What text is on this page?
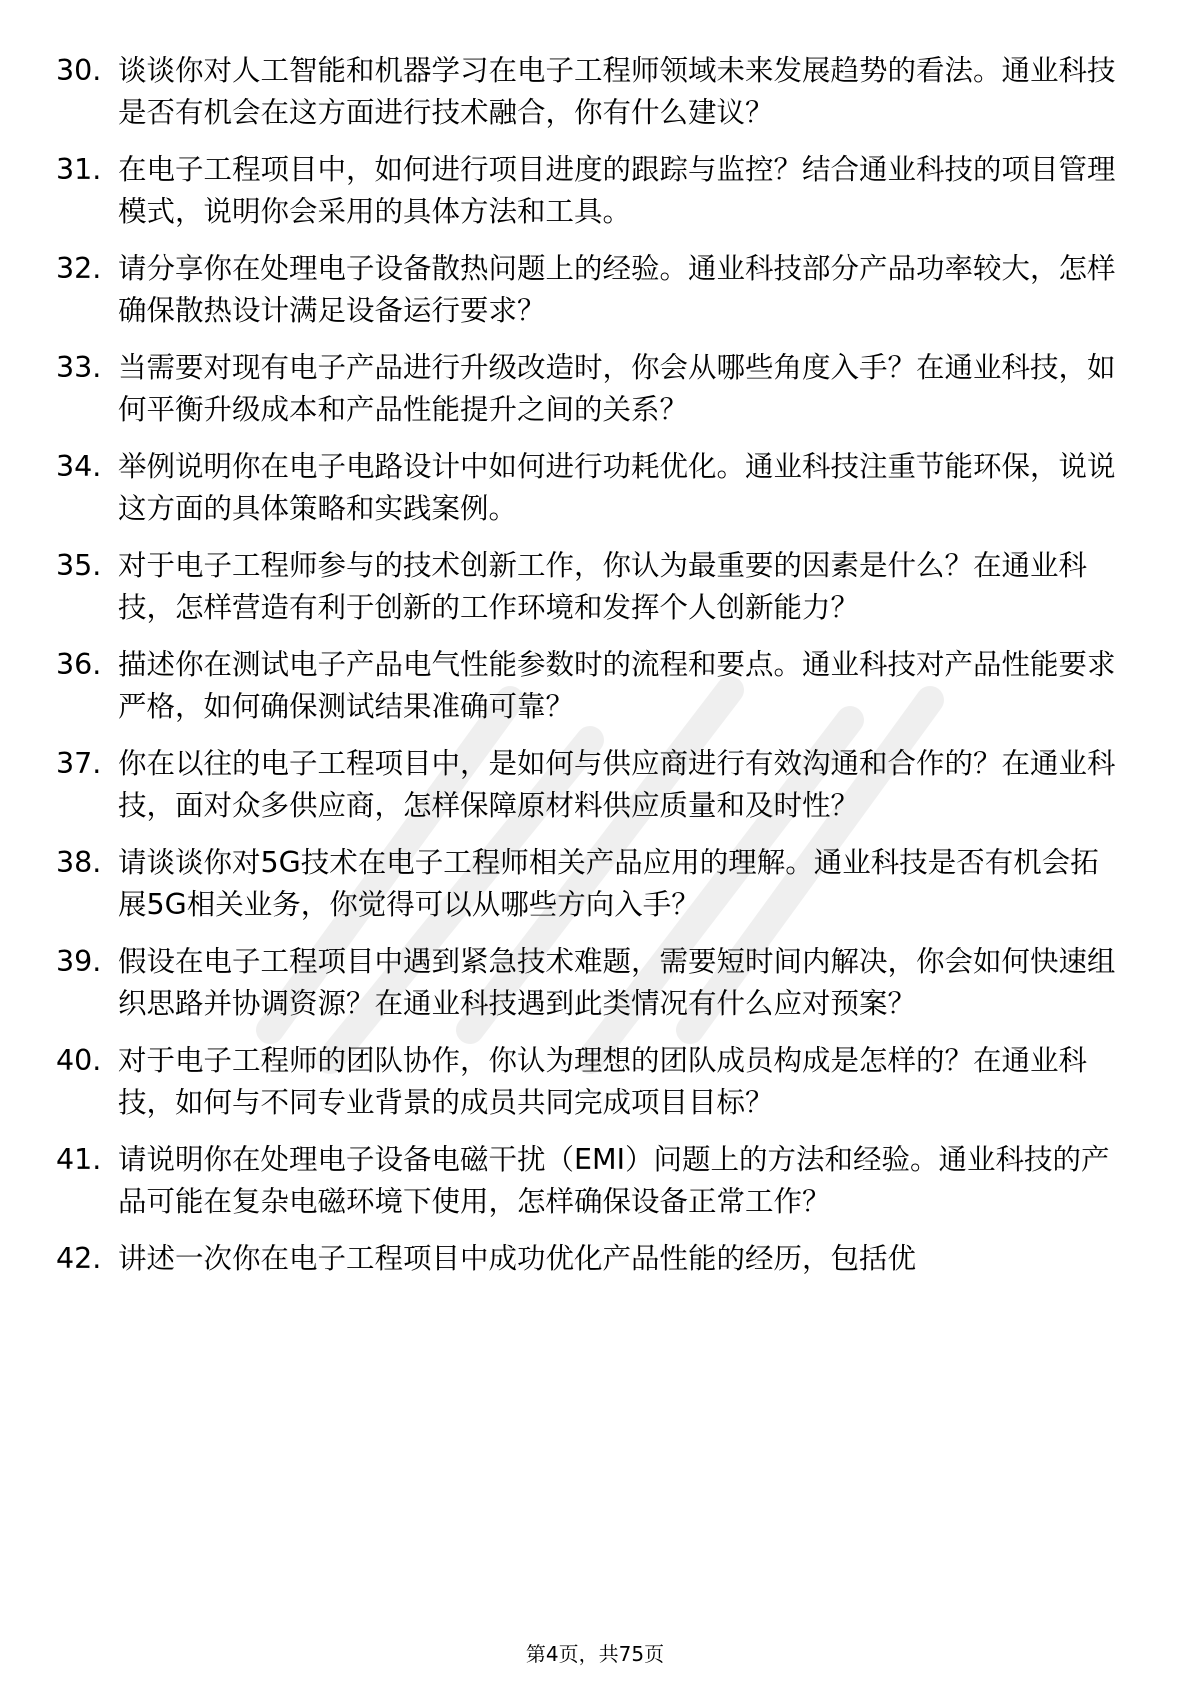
30. 谈谈你对人工智能和机器学习在电子工程师领域未来发展趋势的看法。通业科技是否有机会在这方面进行技术融合，你有什么建议？
31. 在电子工程项目中，如何进行项目进度的跟踪与监控？结合通业科技的项目管理模式，说明你会采用的具体方法和工具。
32. 请分享你在处理电子设备散热问题上的经验。通业科技部分产品功率较大，怎样确保散热设计满足设备运行要求？
33. 当需要对现有电子产品进行升级改造时，你会从哪些角度入手？在通业科技，如何平衡升级成本和产品性能提升之间的关系？
34. 举例说明你在电子电路设计中如何进行功耗优化。通业科技注重节能环保，说说这方面的具体策略和实践案例。
35. 对于电子工程师参与的技术创新工作，你认为最重要的因素是什么？在通业科技，怎样营造有利于创新的工作环境和发挥个人创新能力？
36. 描述你在测试电子产品电气性能参数时的流程和要点。通业科技对产品性能要求严格，如何确保测试结果准确可靠？
37. 你在以往的电子工程项目中，是如何与供应商进行有效沟通和合作的？在通业科技，面对众多供应商，怎样保障原材料供应质量和及时性？
38. 请谈谈你对5G技术在电子工程师相关产品应用的理解。通业科技是否有机会拓展5G相关业务，你觉得可以从哪些方向入手？
39. 假设在电子工程项目中遇到紧急技术难题，需要短时间内解决，你会如何快速组织思路并协调资源？在通业科技遇到此类情况有什么应对预案？
40. 对于电子工程师的团队协作，你认为理想的团队成员构成是怎样的？在通业科技，如何与不同专业背景的成员共同完成项目目标？
41. 请说明你在处理电子设备电磁干扰（EMI）问题上的方法和经验。通业科技的产品可能在复杂电磁环境下使用，怎样确保设备正常工作？
42. 讲述一次你在电子工程项目中成功优化产品性能的经历，包括优
第4页，共75页
